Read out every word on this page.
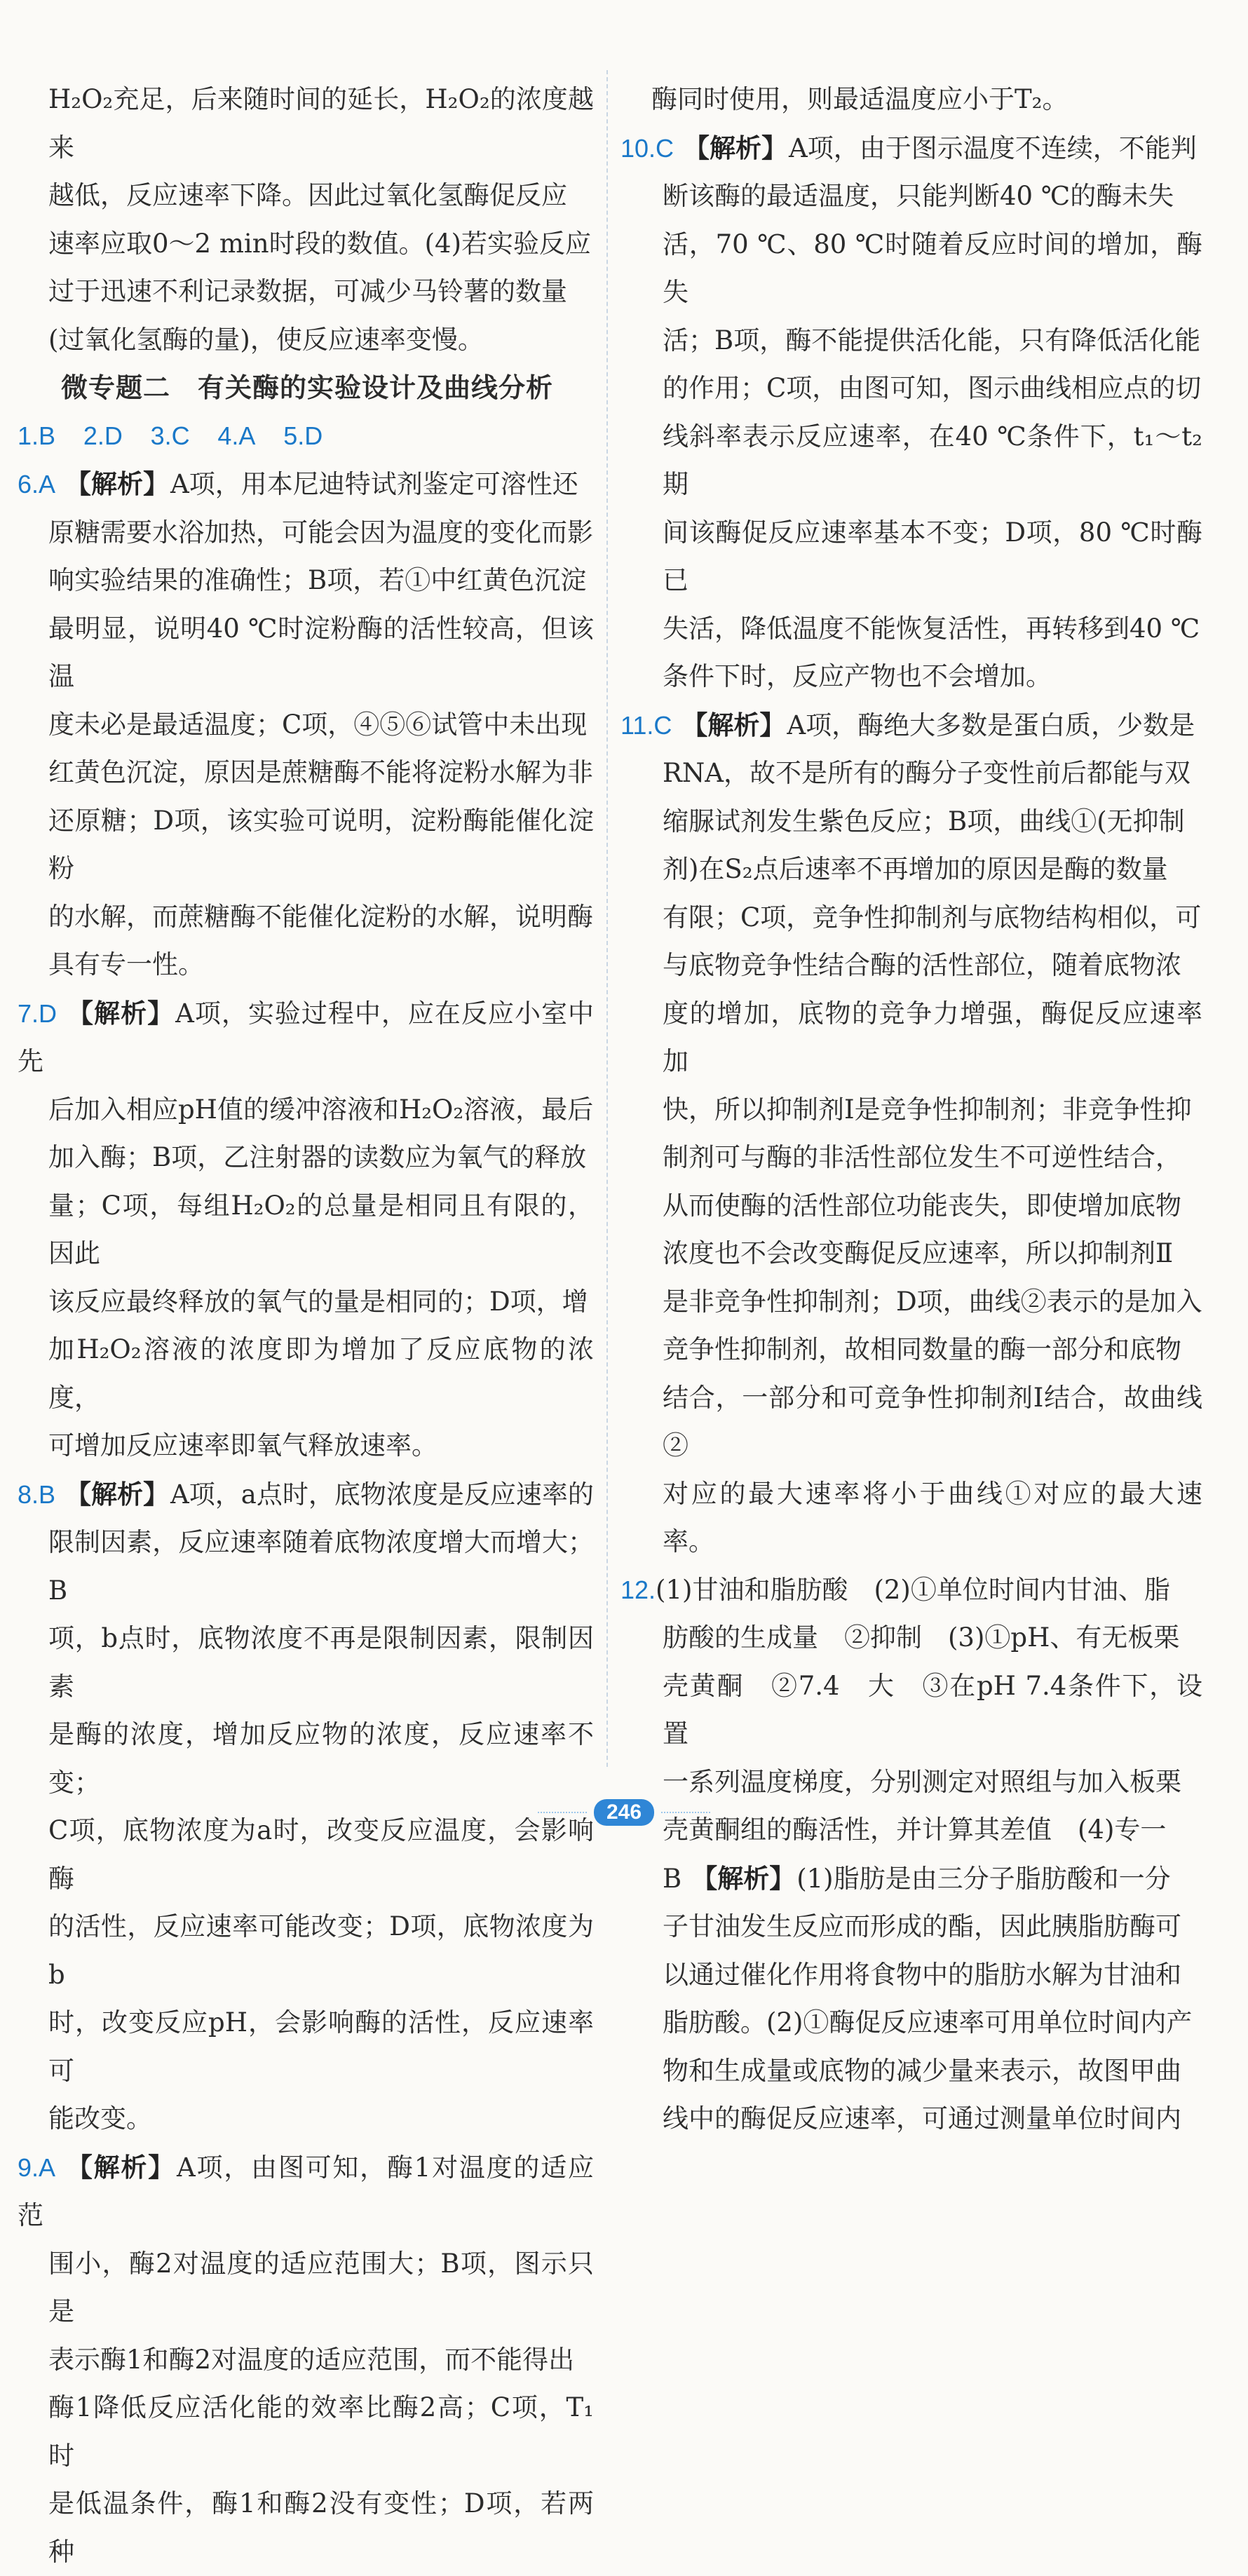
H₂O₂充足，后来随时间的延长，H₂O₂的浓度越来
越低，反应速率下降。因此过氧化氢酶促反应
速率应取0～2 min时段的数值。(4)若实验反应
过于迅速不利记录数据，可减少马铃薯的数量
(过氧化氢酶的量)，使反应速率变慢。
微专题二　有关酶的实验设计及曲线分析
1.B 2.D 3.C 4.A 5.D
6.A 【解析】A项，用本尼迪特试剂鉴定可溶性还
原糖需要水浴加热，可能会因为温度的变化而影
响实验结果的准确性；B项，若①中红黄色沉淀
最明显，说明40 ℃时淀粉酶的活性较高，但该温
度未必是最适温度；C项，④⑤⑥试管中未出现
红黄色沉淀，原因是蔗糖酶不能将淀粉水解为非
还原糖；D项，该实验可说明，淀粉酶能催化淀粉
的水解，而蔗糖酶不能催化淀粉的水解，说明酶
具有专一性。
7.D 【解析】A项，实验过程中，应在反应小室中先
后加入相应pH值的缓冲溶液和H₂O₂溶液，最后
加入酶；B项，乙注射器的读数应为氧气的释放
量；C项，每组H₂O₂的总量是相同且有限的，因此
该反应最终释放的氧气的量是相同的；D项，增
加H₂O₂溶液的浓度即为增加了反应底物的浓度，
可增加反应速率即氧气释放速率。
8.B 【解析】A项，a点时，底物浓度是反应速率的
限制因素，反应速率随着底物浓度增大而增大；B
项，b点时，底物浓度不再是限制因素，限制因素
是酶的浓度，增加反应物的浓度，反应速率不变；
C项，底物浓度为a时，改变反应温度，会影响酶
的活性，反应速率可能改变；D项，底物浓度为b
时，改变反应pH，会影响酶的活性，反应速率可
能改变。
9.A 【解析】A项，由图可知，酶1对温度的适应范
围小，酶2对温度的适应范围大；B项，图示只是
表示酶1和酶2对温度的适应范围，而不能得出
酶1降低反应活化能的效率比酶2高；C项，T₁时
是低温条件，酶1和酶2没有变性；D项，若两种
酶同时使用，则最适温度应小于T₂。
10.C 【解析】A项，由于图示温度不连续，不能判
断该酶的最适温度，只能判断40 ℃的酶未失
活，70 ℃、80 ℃时随着反应时间的增加，酶失
活；B项，酶不能提供活化能，只有降低活化能
的作用；C项，由图可知，图示曲线相应点的切
线斜率表示反应速率，在40 ℃条件下，t₁～t₂期
间该酶促反应速率基本不变；D项，80 ℃时酶已
失活，降低温度不能恢复活性，再转移到40 ℃
条件下时，反应产物也不会增加。
11.C 【解析】A项，酶绝大多数是蛋白质，少数是
RNA，故不是所有的酶分子变性前后都能与双
缩脲试剂发生紫色反应；B项，曲线①(无抑制
剂)在S₂点后速率不再增加的原因是酶的数量
有限；C项，竞争性抑制剂与底物结构相似，可
与底物竞争性结合酶的活性部位，随着底物浓
度的增加，底物的竞争力增强，酶促反应速率加
快，所以抑制剂Ⅰ是竞争性抑制剂；非竞争性抑
制剂可与酶的非活性部位发生不可逆性结合，
从而使酶的活性部位功能丧失，即使增加底物
浓度也不会改变酶促反应速率，所以抑制剂Ⅱ
是非竞争性抑制剂；D项，曲线②表示的是加入
竞争性抑制剂，故相同数量的酶一部分和底物
结合，一部分和可竞争性抑制剂Ⅰ结合，故曲线②
对应的最大速率将小于曲线①对应的最大速率。
12.(1)甘油和脂肪酸　(2)①单位时间内甘油、脂
肪酸的生成量　②抑制　(3)①pH、有无板栗
壳黄酮　②7.4　大　③在pH 7.4条件下，设置
一系列温度梯度，分别测定对照组与加入板栗
壳黄酮组的酶活性，并计算其差值　(4)专一
B 【解析】(1)脂肪是由三分子脂肪酸和一分
子甘油发生反应而形成的酯，因此胰脂肪酶可
以通过催化作用将食物中的脂肪水解为甘油和
脂肪酸。(2)①酶促反应速率可用单位时间内产
物和生成量或底物的减少量来表示，故图甲曲
线中的酶促反应速率，可通过测量单位时间内
246
